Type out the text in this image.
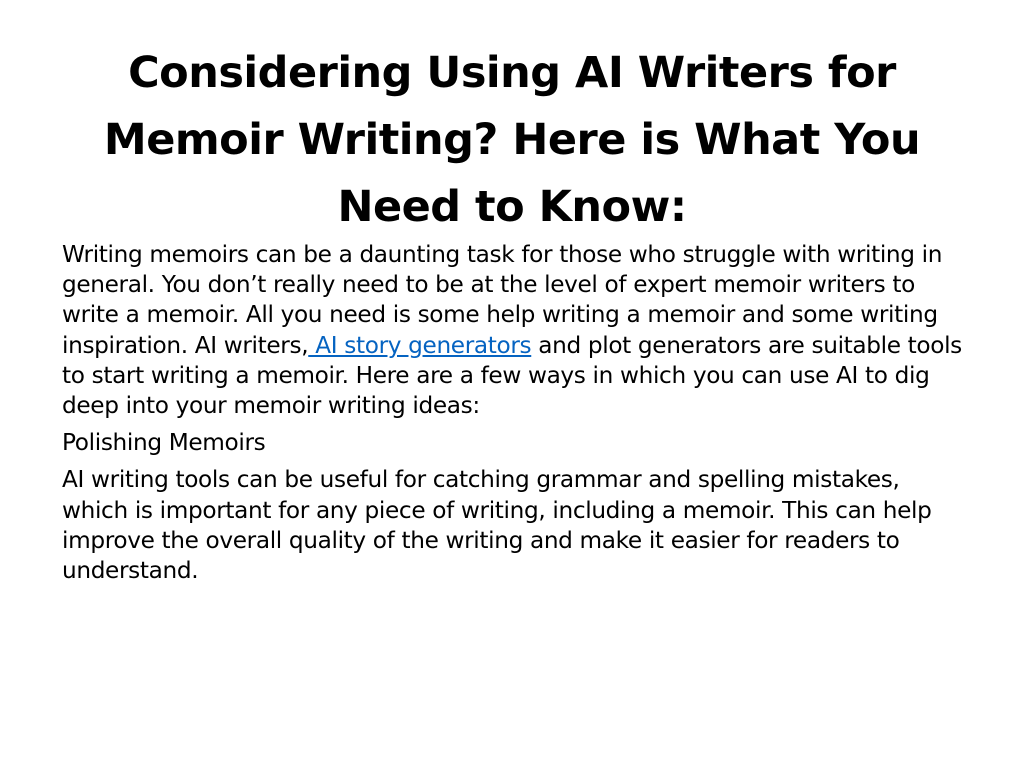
Considering Using AI Writers for Memoir Writing? Here is What You Need to Know:

Writing memoirs can be a daunting task for those who struggle with writing in general. You don’t really need to be at the level of expert memoir writers to write a memoir. All you need is some help writing a memoir and some writing inspiration. AI writers, AI story generators and plot generators are suitable tools to start writing a memoir. Here are a few ways in which you can use AI to dig deep into your memoir writing ideas:

Polishing Memoirs

AI writing tools can be useful for catching grammar and spelling mistakes, which is important for any piece of writing, including a memoir. This can help improve the overall quality of the writing and make it easier for readers to understand.
